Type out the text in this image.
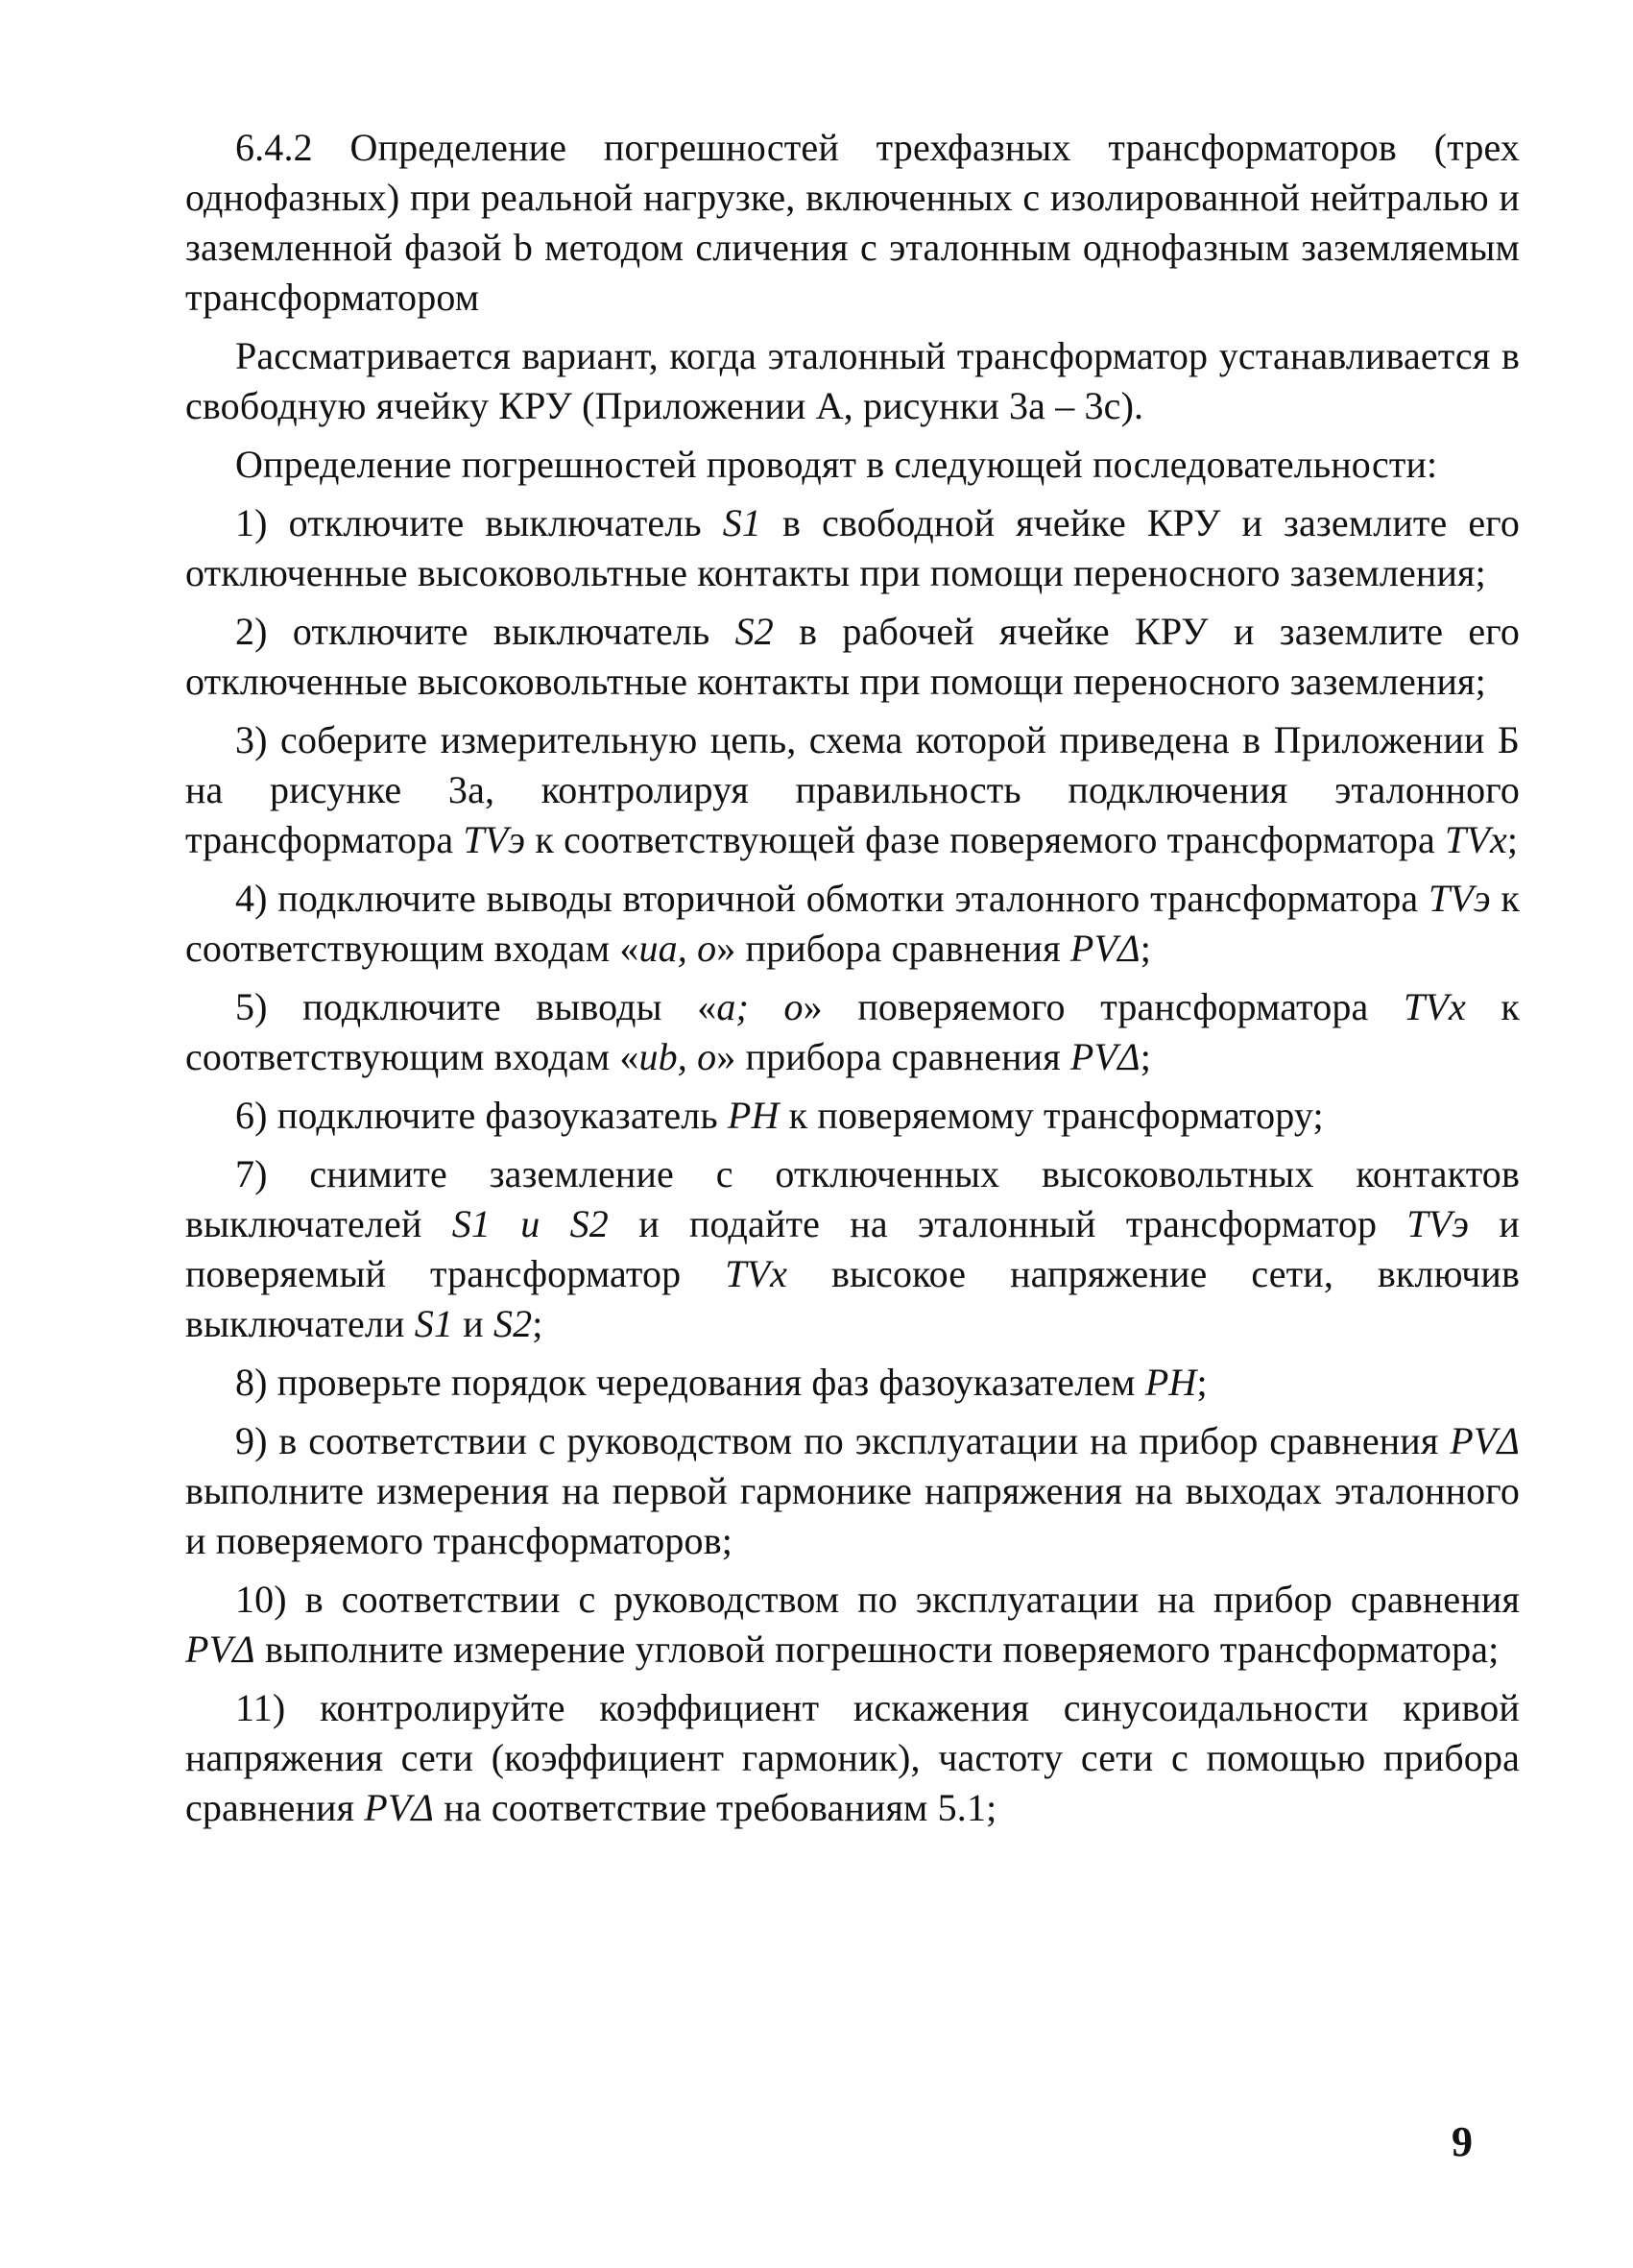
6.4.2 Определение погрешностей трехфазных трансформаторов (трех однофазных) при реальной нагрузке, включенных с изолированной нейтралью и заземленной фазой b методом сличения с эталонным однофазным заземляемым трансформатором

Рассматривается вариант, когда эталонный трансформатор устанавливается в свободную ячейку КРУ (Приложении А, рисунки 3а – 3с).

Определение погрешностей проводят в следующей последовательности:

1) отключите выключатель S1 в свободной ячейке КРУ и заземлите его отключенные высоковольтные контакты при помощи переносного заземления;

2) отключите выключатель S2 в рабочей ячейке КРУ и заземлите его отключенные высоковольтные контакты при помощи переносного заземления;

3) соберите измерительную цепь, схема которой приведена в Приложении Б на рисунке 3а, контролируя правильность подключения эталонного трансформатора TVэ к соответствующей фазе поверяемого трансформатора TVx;

4) подключите выводы вторичной обмотки эталонного трансформатора TVэ к соответствующим входам «ua, o» прибора сравнения PVΔ;

5) подключите выводы «a; o» поверяемого трансформатора TVx к соответствующим входам «ub, o» прибора сравнения PVΔ;

6) подключите фазоуказатель PH к поверяемому трансформатору;

7) снимите заземление с отключенных высоковольтных контактов выключателей S1 и S2 и подайте на эталонный трансформатор TVэ и поверяемый трансформатор TVx высокое напряжение сети, включив выключатели S1 и S2;

8) проверьте порядок чередования фаз фазоуказателем PH;

9) в соответствии с руководством по эксплуатации на прибор сравнения PVΔ выполните измерения на первой гармонике напряжения на выходах эталонного и поверяемого трансформаторов;

10) в соответствии с руководством по эксплуатации на прибор сравнения PVΔ выполните измерение угловой погрешности поверяемого трансформатора;

11) контролируйте коэффициент искажения синусоидальности кривой напряжения сети (коэффициент гармоник), частоту сети с помощью прибора сравнения PVΔ на соответствие требованиям 5.1;

9
